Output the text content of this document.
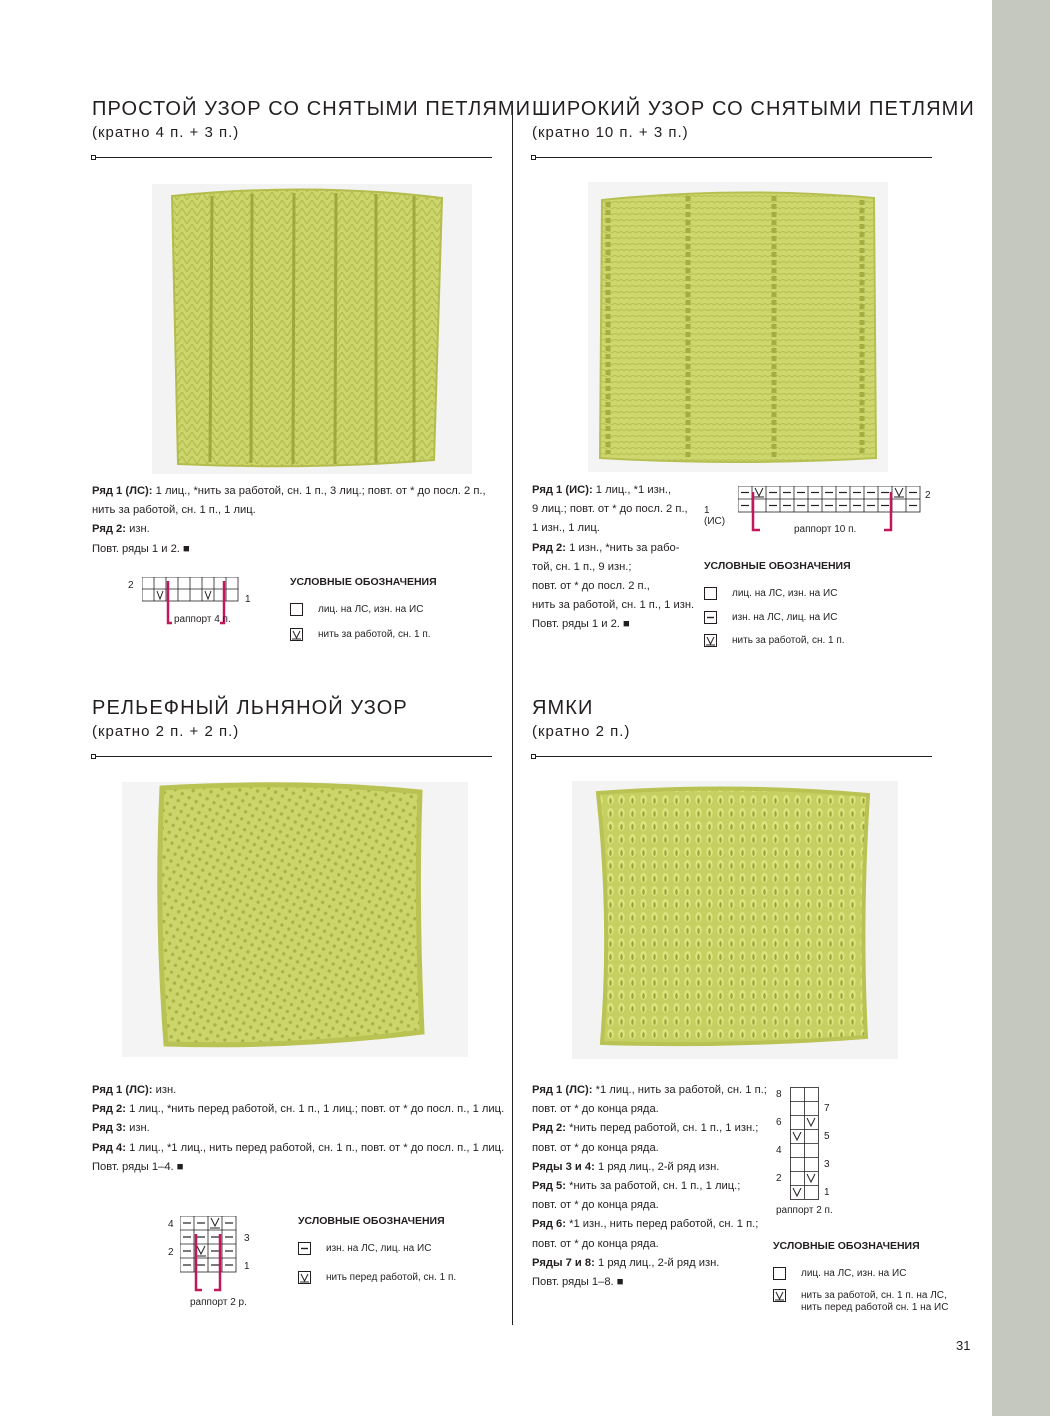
ПРОСТОЙ УЗОР СО СНЯТЫМИ ПЕТЛЯМИ
(кратно 4 п. + 3 п.)
Ряд 1 (ЛС): 1 лиц., *нить за работой, сн. 1 п., 3 лиц.; повт. от * до посл. 2 п.,
нить за работой, сн. 1 п., 1 лиц.
Ряд 2: изн.
Повт. ряды 1 и 2. ■
2
1
раппорт 4 п.
УСЛОВНЫЕ ОБОЗНАЧЕНИЯ
лиц. на ЛС, изн. на ИС
нить за работой, сн. 1 п.
ШИРОКИЙ УЗОР СО СНЯТЫМИ ПЕТЛЯМИ
(кратно 10 п. + 3 п.)
Ряд 1 (ИС): 1 лиц., *1 изн.,
9 лиц.; повт. от * до посл. 2 п.,
1 изн., 1 лиц.
Ряд 2: 1 изн., *нить за рабо-
той, сн. 1 п., 9 изн.;
повт. от * до посл. 2 п.,
нить за работой, сн. 1 п., 1 изн.
Повт. ряды 1 и 2. ■
2
1 (ИС)
раппорт 10 п.
УСЛОВНЫЕ ОБОЗНАЧЕНИЯ
лиц. на ЛС, изн. на ИС
изн. на ЛС, лиц. на ИС
нить за работой, сн. 1 п.
РЕЛЬЕФНЫЙ ЛЬНЯНОЙ УЗОР
(кратно 2 п. + 2 п.)
Ряд 1 (ЛС): изн.
Ряд 2: 1 лиц., *нить перед работой, сн. 1 п., 1 лиц.; повт. от * до посл. п., 1 лиц.
Ряд 3: изн.
Ряд 4: 1 лиц., *1 лиц., нить перед работой, сн. 1 п., повт. от * до посл. п., 1 лиц.
Повт. ряды 1–4. ■
4
3
2
1
раппорт 2 р.
УСЛОВНЫЕ ОБОЗНАЧЕНИЯ
изн. на ЛС, лиц. на ИС
нить перед работой, сн. 1 п.
ЯМКИ
(кратно 2 п.)
Ряд 1 (ЛС): *1 лиц., нить за работой, сн. 1 п.;
повт. от * до конца ряда.
Ряд 2: *нить перед работой, сн. 1 п., 1 изн.;
повт. от * до конца ряда.
Ряды 3 и 4: 1 ряд лиц., 2-й ряд изн.
Ряд 5: *нить за работой, сн. 1 п., 1 лиц.;
повт. от * до конца ряда.
Ряд 6: *1 изн., нить перед работой, сн. 1 п.;
повт. от * до конца ряда.
Ряды 7 и 8: 1 ряд лиц., 2-й ряд изн.
Повт. ряды 1–8. ■
8
7
6
5
4
3
2
1
раппорт 2 п.
УСЛОВНЫЕ ОБОЗНАЧЕНИЯ
лиц. на ЛС, изн. на ИС
нить за работой, сн. 1 п. на ЛС,
нить перед работой сн. 1 на ИС
31
